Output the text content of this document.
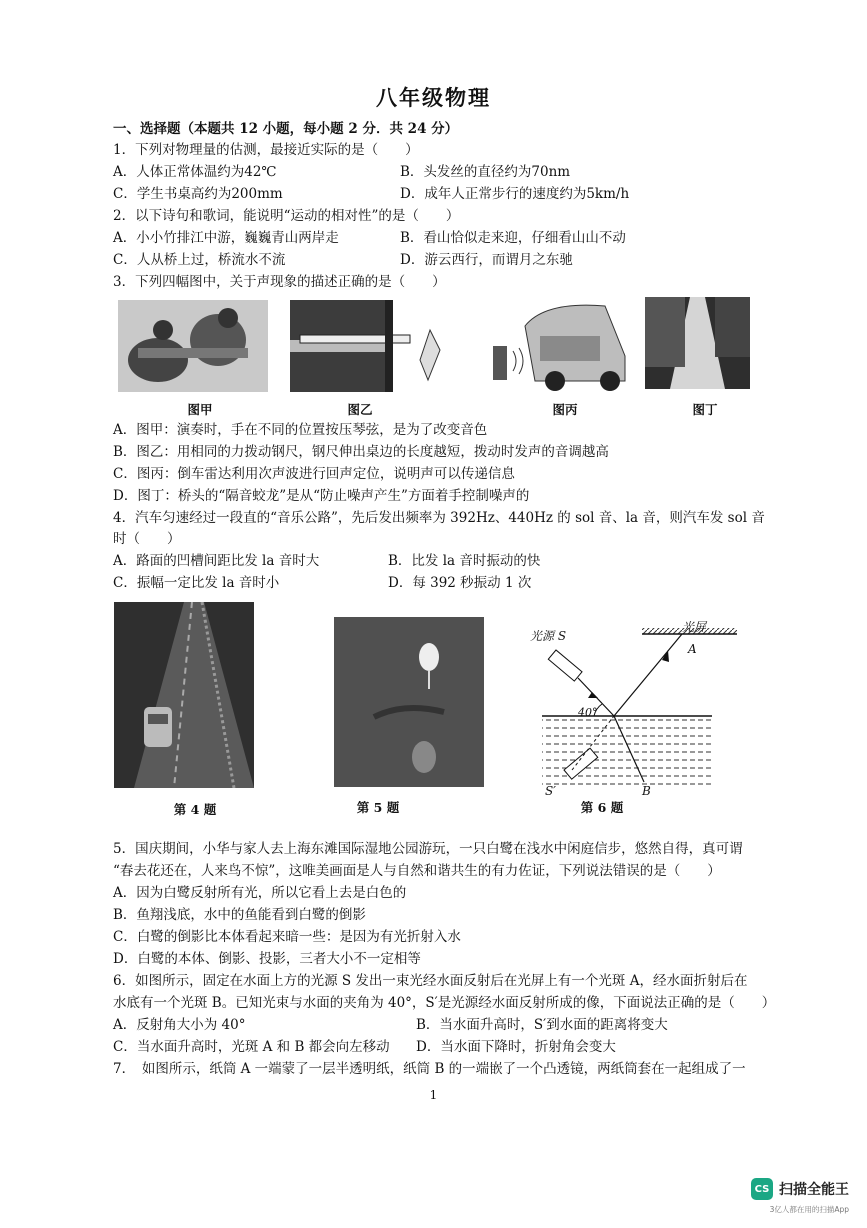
八年级物理
一、选择题（本题共 12 小题，每小题 2 分．共 24 分）
1．下列对物理量的估测，最接近实际的是（　　）
A．人体正常体温约为42℃	B．头发丝的直径约为70nm
C．学生书桌高约为200mm	D．成年人正常步行的速度约为5km/h
2．以下诗句和歌词，能说明“运动的相对性”的是（　　）
A．小小竹排江中游，巍巍青山两岸走	B．看山恰似走来迎，仔细看山山不动
C．人从桥上过，桥流水不流	D．游云西行，而谓月之东驰
3．下列四幅图中，关于声现象的描述正确的是（　　）
图甲	图乙	图丙	图丁
A．图甲：演奏时，手在不同的位置按压琴弦，是为了改变音色
B．图乙：用相同的力拨动钢尺，钢尺伸出桌边的长度越短，拨动时发声的音调越高
C．图丙：倒车雷达利用次声波进行回声定位，说明声可以传递信息
D．图丁：桥头的“隔音蛟龙”是从“防止噪声产生”方面着手控制噪声的
4．汽车匀速经过一段直的“音乐公路”，先后发出频率为 392Hz、440Hz 的 sol 音、la 音，则汽车发 sol 音
时（　　）
A．路面的凹槽间距比发 la 音时大	B．比发 la 音时振动的快
C．振幅一定比发 la 音时小	D．每 392 秒振动 1 次
第 4 题	第 5 题
光源 S
光屏
A
40°
S′	B
第 6 题
5．国庆期间，小华与家人去上海东滩国际湿地公园游玩，一只白鹭在浅水中闲庭信步，悠然自得，真可谓
“春去花还在，人来鸟不惊”，这唯美画面是人与自然和谐共生的有力佐证，下列说法错误的是（　　）
A．因为白鹭反射所有光，所以它看上去是白色的
B．鱼翔浅底，水中的鱼能看到白鹭的倒影
C．白鹭的倒影比本体看起来暗一些：是因为有光折射入水
D．白鹭的本体、倒影、投影，三者大小不一定相等
6．如图所示，固定在水面上方的光源 S 发出一束光经水面反射后在光屏上有一个光斑 A，经水面折射后在
水底有一个光斑 B。已知光束与水面的夹角为 40°，S′是光源经水面反射所成的像，下面说法正确的是（　　）
A．反射角大小为 40°	B．当水面升高时，S′到水面的距离将变大
C．当水面升高时，光斑 A 和 B 都会向左移动 D．当水面下降时，折射角会变大
7．　如图所示，纸筒 A 一端蒙了一层半透明纸，纸筒 B 的一端嵌了一个凸透镜，两纸筒套在一起组成了一
1
CS 扫描全能王
3亿人都在用的扫描App
